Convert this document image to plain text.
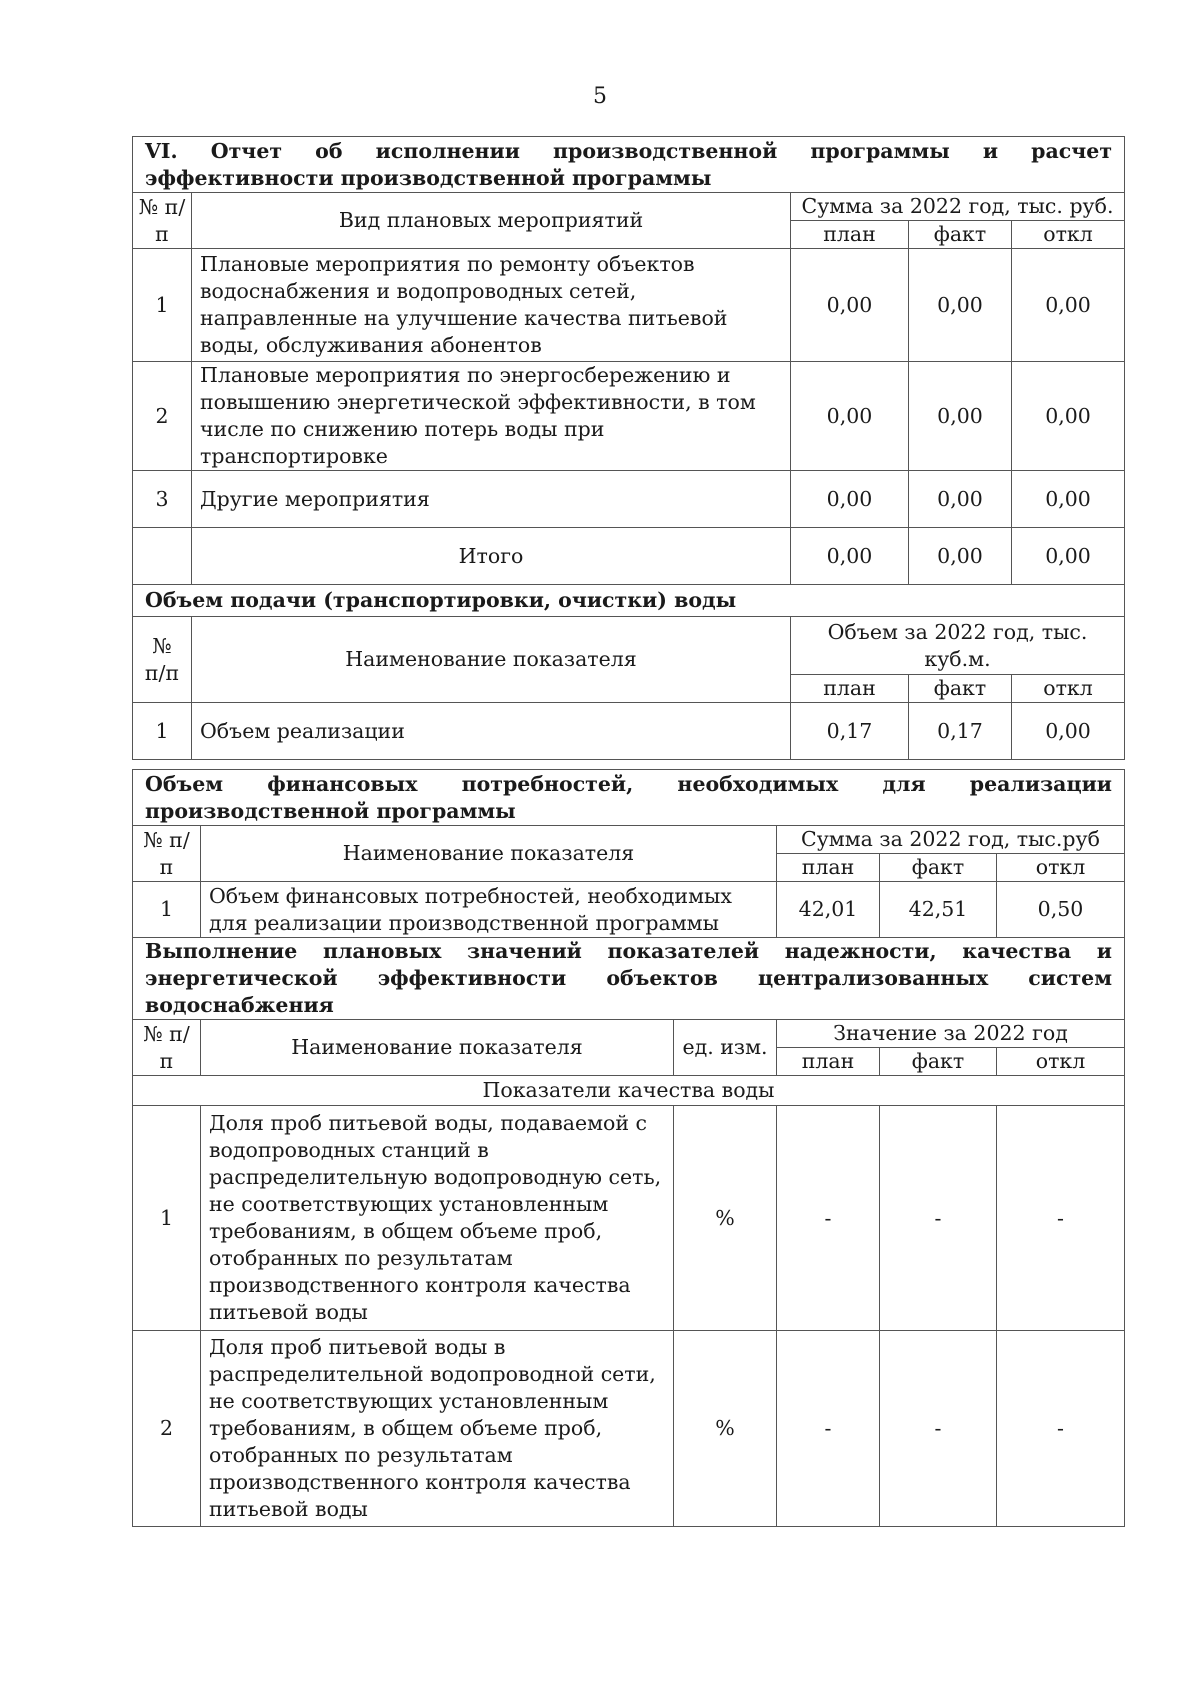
5
VI. Отчет об исполнении производственной программы и расчет эффективности производственной программы				
№ п/п	Вид плановых мероприятий	Сумма за 2022 год, тыс. руб.		
		план	факт	откл
1	Плановые мероприятия по ремонту объектов водоснабжения и водопроводных сетей, направленные на улучшение качества питьевой воды, обслуживания абонентов	0,00	0,00	0,00
2	Плановые мероприятия по энергосбережению и повышению энергетической эффективности, в том числе по снижению потерь воды при транспортировке	0,00	0,00	0,00
3	Другие мероприятия	0,00	0,00	0,00
	Итого	0,00	0,00	0,00
Объем подачи (транспортировки, очистки) воды				
№ п/п	Наименование показателя	Объем за 2022 год, тыс. куб.м.		
		план	факт	откл
1	Объем реализации	0,17	0,17	0,00
Объем финансовых потребностей, необходимых для реализации производственной программы					
№ п/п	Наименование показателя		Сумма за 2022 год, тыс.руб		
			план	факт	откл
1	Объем финансовых потребностей, необходимых для реализации производственной программы		42,01	42,51	0,50
Выполнение плановых значений показателей надежности, качества и энергетической эффективности объектов централизованных систем водоснабжения					
№ п/п	Наименование показателя	ед. изм.	Значение за 2022 год		
			план	факт	откл
Показатели качества воды					
1	Доля проб питьевой воды, подаваемой с водопроводных станций в распределительную водопроводную сеть, не соответствующих установленным требованиям, в общем объеме проб, отобранных по результатам производственного контроля качества питьевой воды	%	-	-	-
2	Доля проб питьевой воды в распределительной водопроводной сети, не соответствующих установленным требованиям, в общем объеме проб, отобранных по результатам производственного контроля качества питьевой воды	%	-	-	-
